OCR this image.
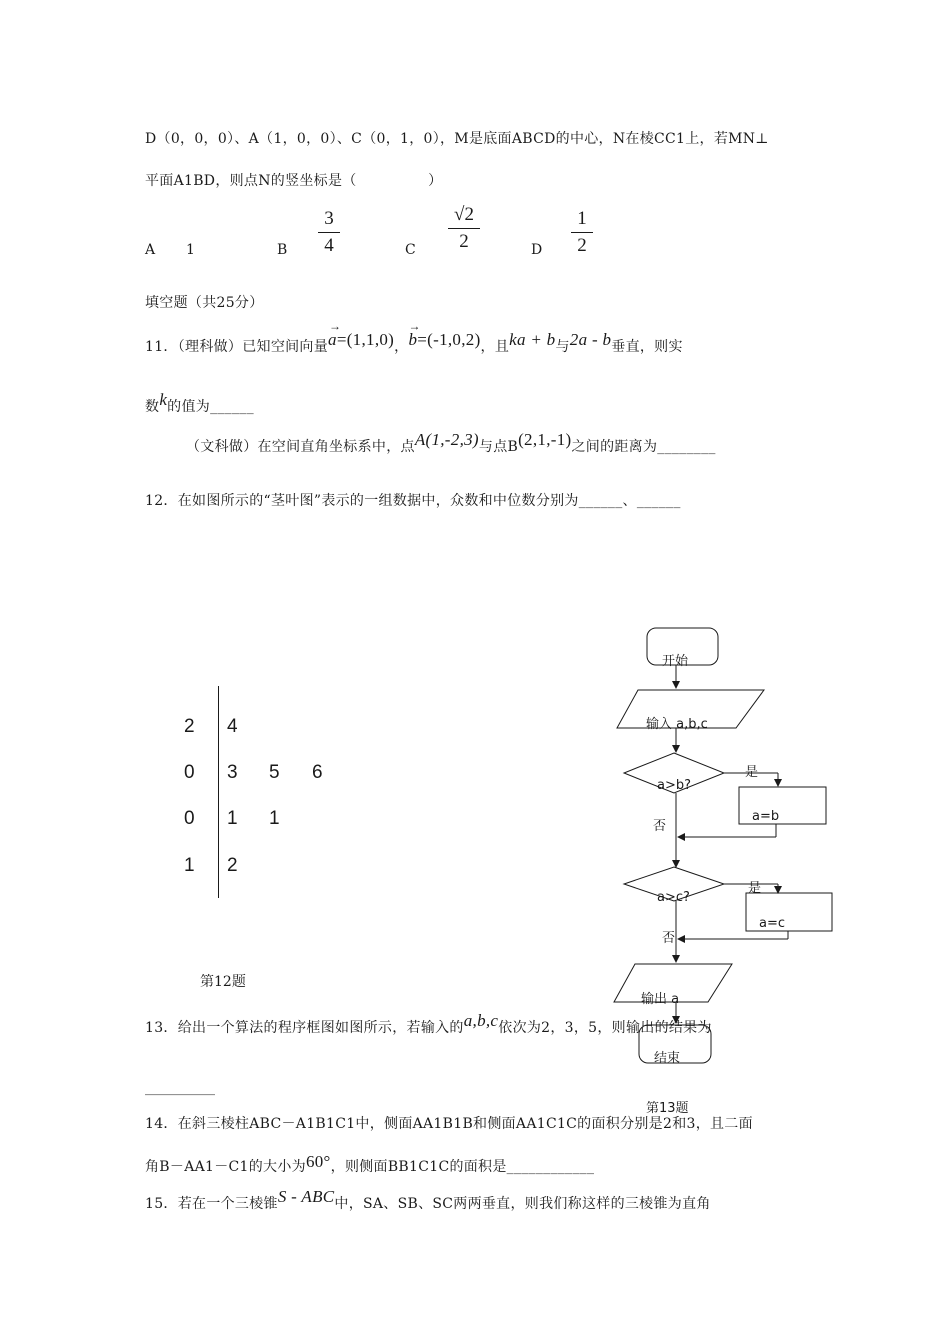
D（0，0，0）、A（1，0，0）、C（0，1，0），M是底面ABCD的中心，N在棱CC1上，若MN⊥
平面A1BD，则点N的竖坐标是（　　　　　）
A 1	B
3
4	C
√2
2	D
1
2
填空题（共25分）
11．（理科做）已知空间向量
→
a=(1,1,0)，
→
b=(-1,0,2)，且ka + b与2a - b垂直，则实
数k的值为______
（文科做）在空间直角坐标系中，点A(1,-2,3)与点B(2,1,-1)之间的距离为________
12．在如图所示的“茎叶图”表示的一组数据中，众数和中位数分别为______、______
2 4
0 3 5 6
0 1 1
1 2
第12题
开始
输入 a,b,c
a>b?
是
a=b
否
a>c?
是
a=c
否
输出 a
结束
第13题
13．给出一个算法的程序框图如图所示，若输入的a,b,c依次为2，3，5，则输出的结果为
__________
14．在斜三棱柱ABC－A1B1C1中，侧面AA1B1B和侧面AA1C1C的面积分别是2和3，且二面
角B－AA1－C1的大小为60°，则侧面BB1C1C的面积是____________
15．若在一个三棱锥S - ABC中，SA、SB、SC两两垂直，则我们称这样的三棱锥为直角
